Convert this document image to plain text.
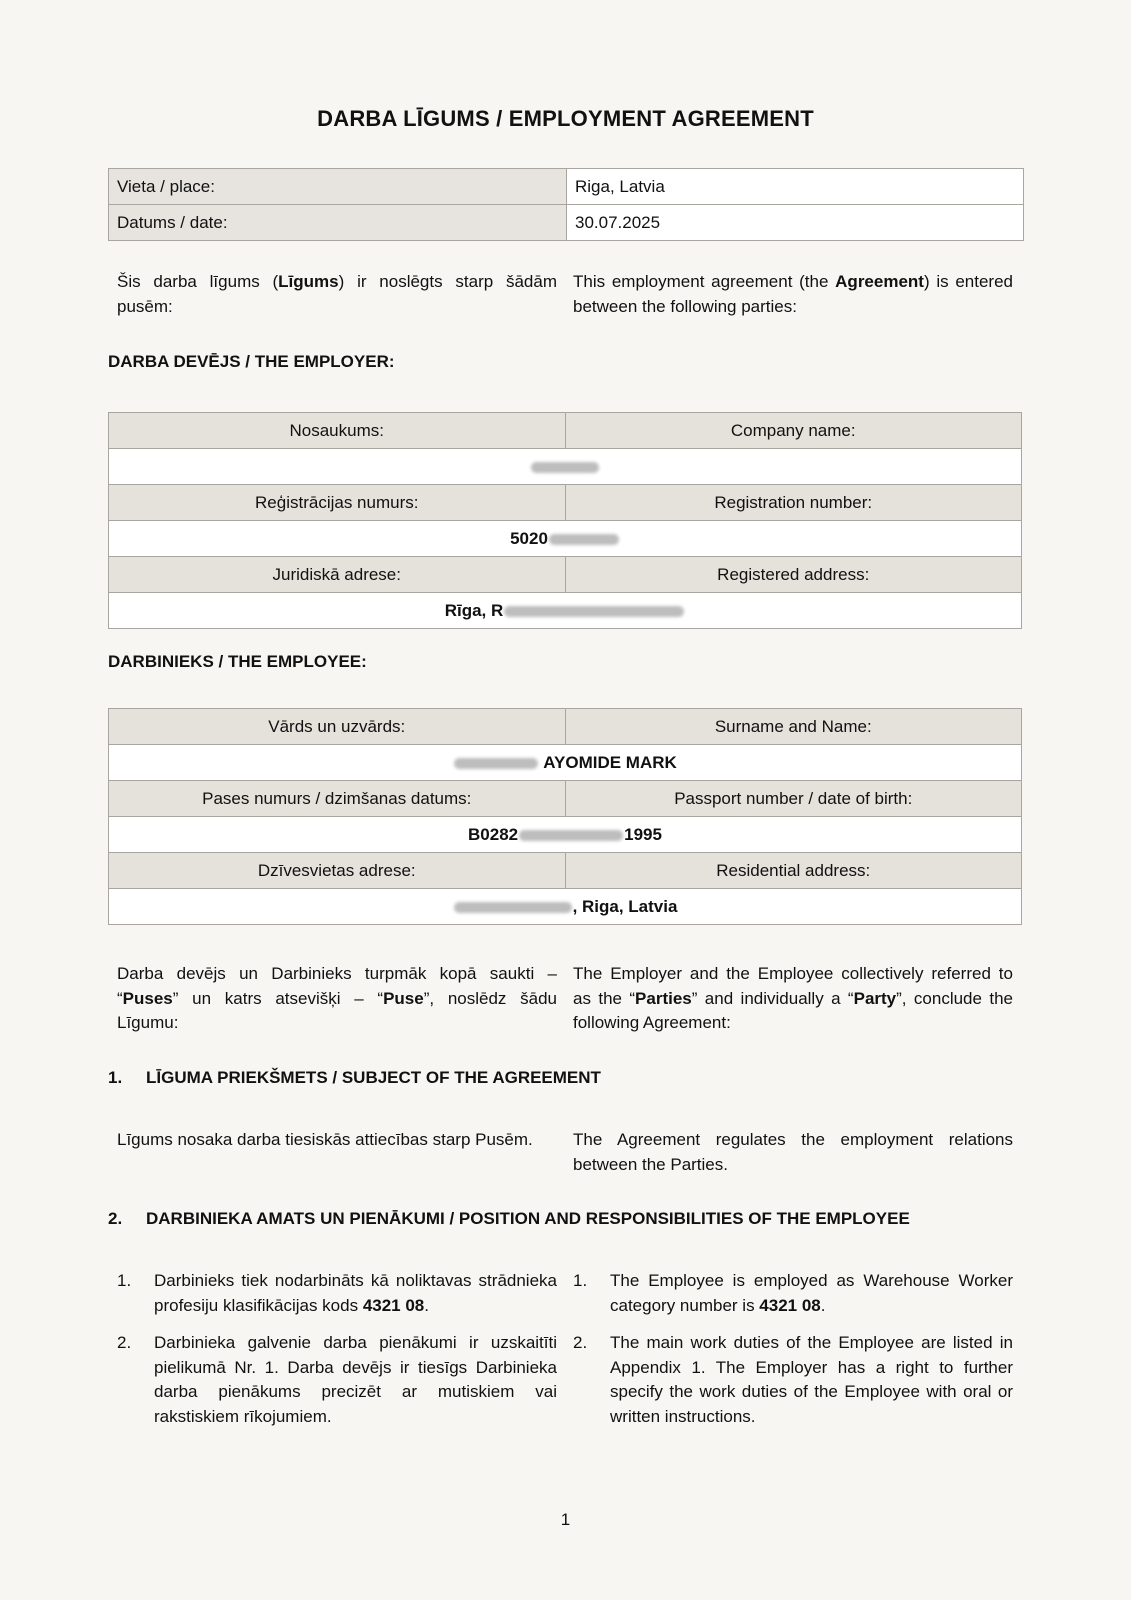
DARBA LĪGUMS / EMPLOYMENT AGREEMENT
Vieta / place:	Riga, Latvia
Datums / date:	30.07.2025
Šis darba līgums (Līgums) ir noslēgts starp šādām pusēm:
This employment agreement (the Agreement) is entered between the following parties:
DARBA DEVĒJS / THE EMPLOYER:
Nosaukums:	Company name:

Reģistrācijas numurs:	Registration number:
5020	
Juridiskā adrese:	Registered address:
Rīga, R	
DARBINIEKS / THE EMPLOYEE:
Vārds un uzvārds:	Surname and Name:
AYOMIDE MARK	
Pases numurs / dzimšanas datums:	Passport number / date of birth:
B0282 1995	
Dzīvesvietas adrese:	Residential address:
, Riga, Latvia	
Darba devējs un Darbinieks turpmāk kopā saukti – “Puses” un katrs atsevišķi – “Puse”, noslēdz šādu Līgumu:
The Employer and the Employee collectively referred to as the “Parties” and individually a “Party”, conclude the following Agreement:
1. LĪGUMA PRIEKŠMETS / SUBJECT OF THE AGREEMENT
Līgums nosaka darba tiesiskās attiecības starp Pusēm.	The Agreement regulates the employment relations between the Parties.
2. DARBINIEKA AMATS UN PIENĀKUMI / POSITION AND RESPONSIBILITIES OF THE EMPLOYEE
1. Darbinieks tiek nodarbināts kā noliktavas strādnieka profesiju klasifikācijas kods 4321 08.
1. The Employee is employed as Warehouse Worker category number is 4321 08.
2. Darbinieka galvenie darba pienākumi ir uzskaitīti pielikumā Nr. 1. Darba devējs ir tiesīgs Darbinieka darba pienākums precizēt ar mutiskiem vai rakstiskiem rīkojumiem.
2. The main work duties of the Employee are listed in Appendix 1. The Employer has a right to further specify the work duties of the Employee with oral or written instructions.
1
